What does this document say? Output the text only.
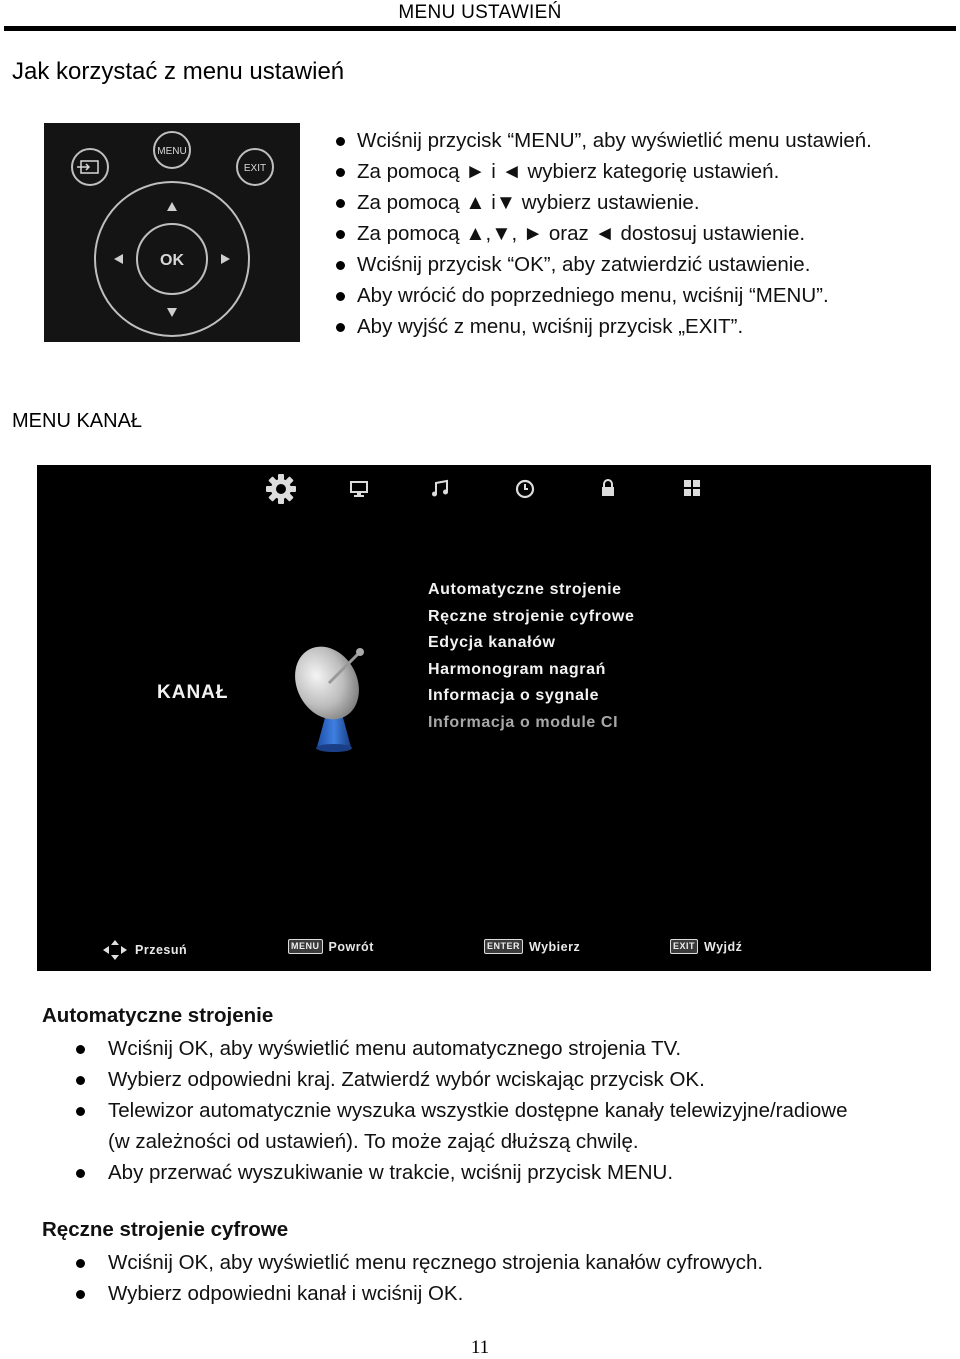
MENU USTAWIEŃ
Jak korzystać z menu ustawień
MENU
EXIT
OK
Wciśnij przycisk “MENU”, aby wyświetlić menu ustawień.
Za pomocą ► i ◄ wybierz kategorię ustawień.
Za pomocą ▲ i▼ wybierz ustawienie.
Za pomocą ▲,▼, ► oraz ◄ dostosuj ustawienie.
Wciśnij przycisk “OK”, aby zatwierdzić ustawienie.
Aby wrócić do poprzedniego menu, wciśnij “MENU”.
Aby wyjść z menu, wciśnij przycisk „EXIT”.
MENU KANAŁ
KANAŁ
Automatyczne strojenie
Ręczne strojenie cyfrowe
Edycja kanałów
Harmonogram nagrań
Informacja o sygnale
Informacja o module CI
Przesuń	MENU Powrót	ENTER Wybierz	EXIT Wyjdź
Automatyczne strojenie
Wciśnij OK, aby wyświetlić menu automatycznego strojenia TV.
Wybierz odpowiedni kraj. Zatwierdź wybór wciskając przycisk OK.
Telewizor automatycznie wyszuka wszystkie dostępne kanały telewizyjne/radiowe
(w zależności od ustawień). To może zająć dłuższą chwilę.
Aby przerwać wyszukiwanie w trakcie, wciśnij przycisk MENU.
Ręczne strojenie cyfrowe
Wciśnij OK, aby wyświetlić menu ręcznego strojenia kanałów cyfrowych.
Wybierz odpowiedni kanał i wciśnij OK.
11
